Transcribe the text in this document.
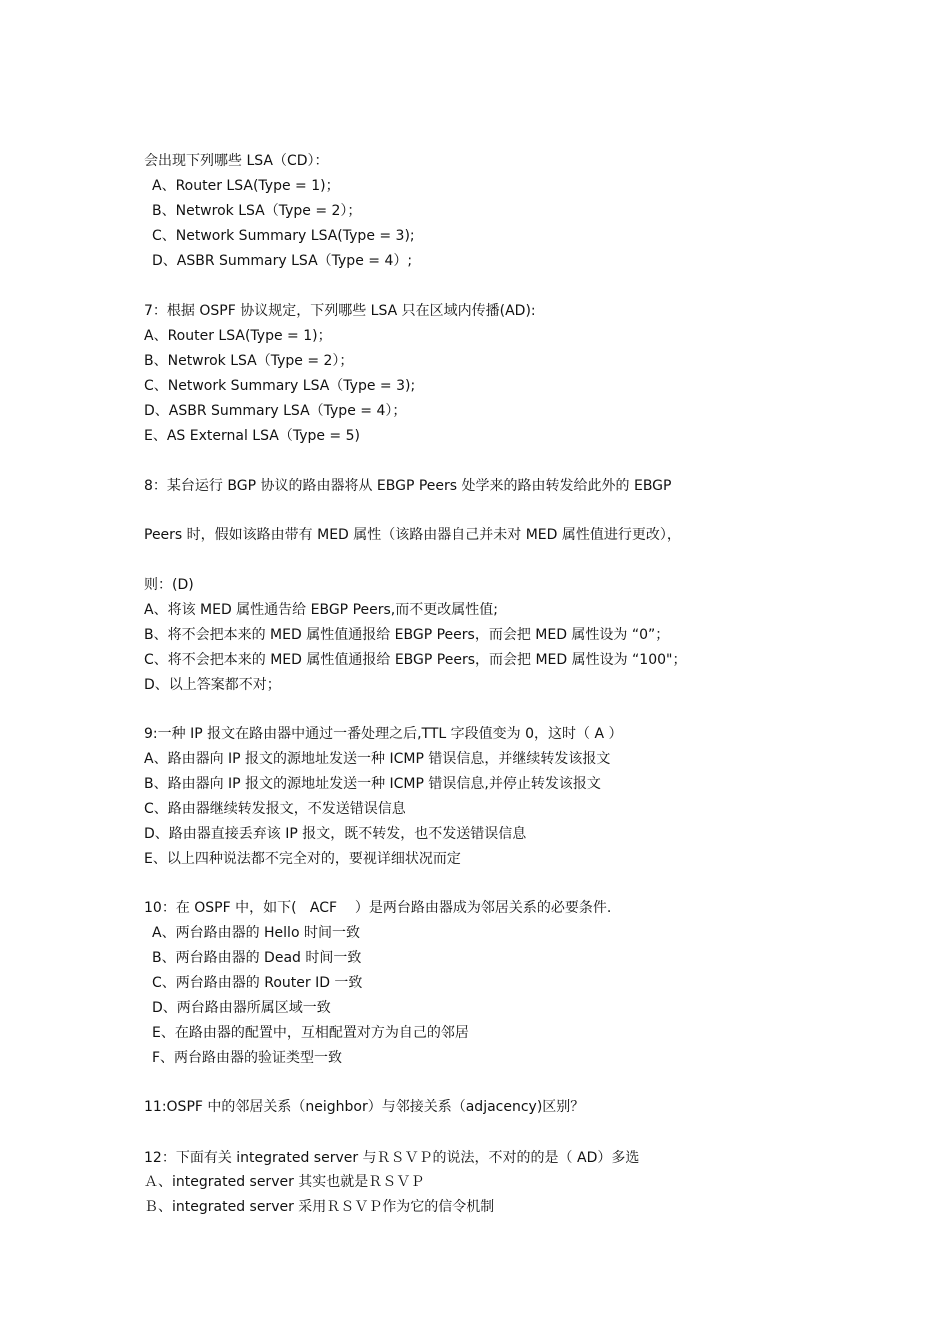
会出现下列哪些 LSA（CD）：
A、Router LSA(Type = 1)；
B、Netwrok LSA（Type = 2）；
C、Network Summary LSA(Type = 3);
D、ASBR Summary LSA（Type = 4）;
7：根据 OSPF 协议规定，下列哪些 LSA 只在区域内传播(AD):
A、Router LSA(Type = 1)；
B、Netwrok LSA（Type = 2）；
C、Network Summary LSA（Type = 3);
D、ASBR Summary LSA（Type = 4）；
E、AS External LSA（Type = 5)
8：某台运行 BGP 协议的路由器将从 EBGP Peers 处学来的路由转发给此外的 EBGP
Peers 时，假如该路由带有 MED 属性（该路由器自己并未对 MED 属性值进行更改），
则：(D)
A、将该 MED 属性通告给 EBGP Peers,而不更改属性值;
B、将不会把本来的 MED 属性值通报给 EBGP Peers，而会把 MED 属性设为 “0”；
C、将不会把本来的 MED 属性值通报给 EBGP Peers，而会把 MED 属性设为 “100"；
D、以上答案都不对；
9:一种 IP 报文在路由器中通过一番处理之后,TTL 字段值变为 0，这时（ A ）
A、路由器向 IP 报文的源地址发送一种 ICMP 错误信息，并继续转发该报文
B、路由器向 IP 报文的源地址发送一种 ICMP 错误信息,并停止转发该报文
C、路由器继续转发报文，不发送错误信息
D、路由器直接丢弃该 IP 报文，既不转发，也不发送错误信息
E、以上四种说法都不完全对的，要视详细状况而定
10：在 OSPF 中，如下(   ACF    ）是两台路由器成为邻居关系的必要条件.
A、两台路由器的 Hello 时间一致
B、两台路由器的 Dead 时间一致
C、两台路由器的 Router ID 一致
D、两台路由器所属区域一致
E、在路由器的配置中，互相配置对方为自己的邻居
F、两台路由器的验证类型一致
11:OSPF 中的邻居关系（neighbor）与邻接关系（adjacency)区别？
12：下面有关 integrated server 与ＲＳＶＰ的说法，不对的的是（ AD）多选
Ａ、integrated server 其实也就是ＲＳＶＰ
Ｂ、integrated server 采用ＲＳＶＰ作为它的信令机制
